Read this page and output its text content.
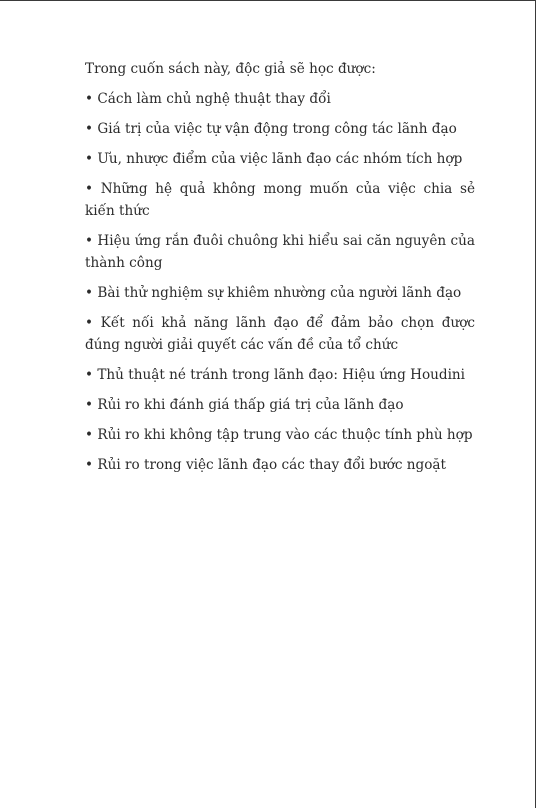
Trong cuốn sách này, độc giả sẽ học được:

• Cách làm chủ nghệ thuật thay đổi
• Giá trị của việc tự vận động trong công tác lãnh đạo
• Ưu, nhược điểm của việc lãnh đạo các nhóm tích hợp
• Những hệ quả không mong muốn của việc chia sẻ kiến thức
• Hiệu ứng rắn đuôi chuông khi hiểu sai căn nguyên của thành công
• Bài thử nghiệm sự khiêm nhường của người lãnh đạo
• Kết nối khả năng lãnh đạo để đảm bảo chọn được đúng người giải quyết các vấn đề của tổ chức
• Thủ thuật né tránh trong lãnh đạo: Hiệu ứng Houdini
• Rủi ro khi đánh giá thấp giá trị của lãnh đạo
• Rủi ro khi không tập trung vào các thuộc tính phù hợp
• Rủi ro trong việc lãnh đạo các thay đổi bước ngoặt
